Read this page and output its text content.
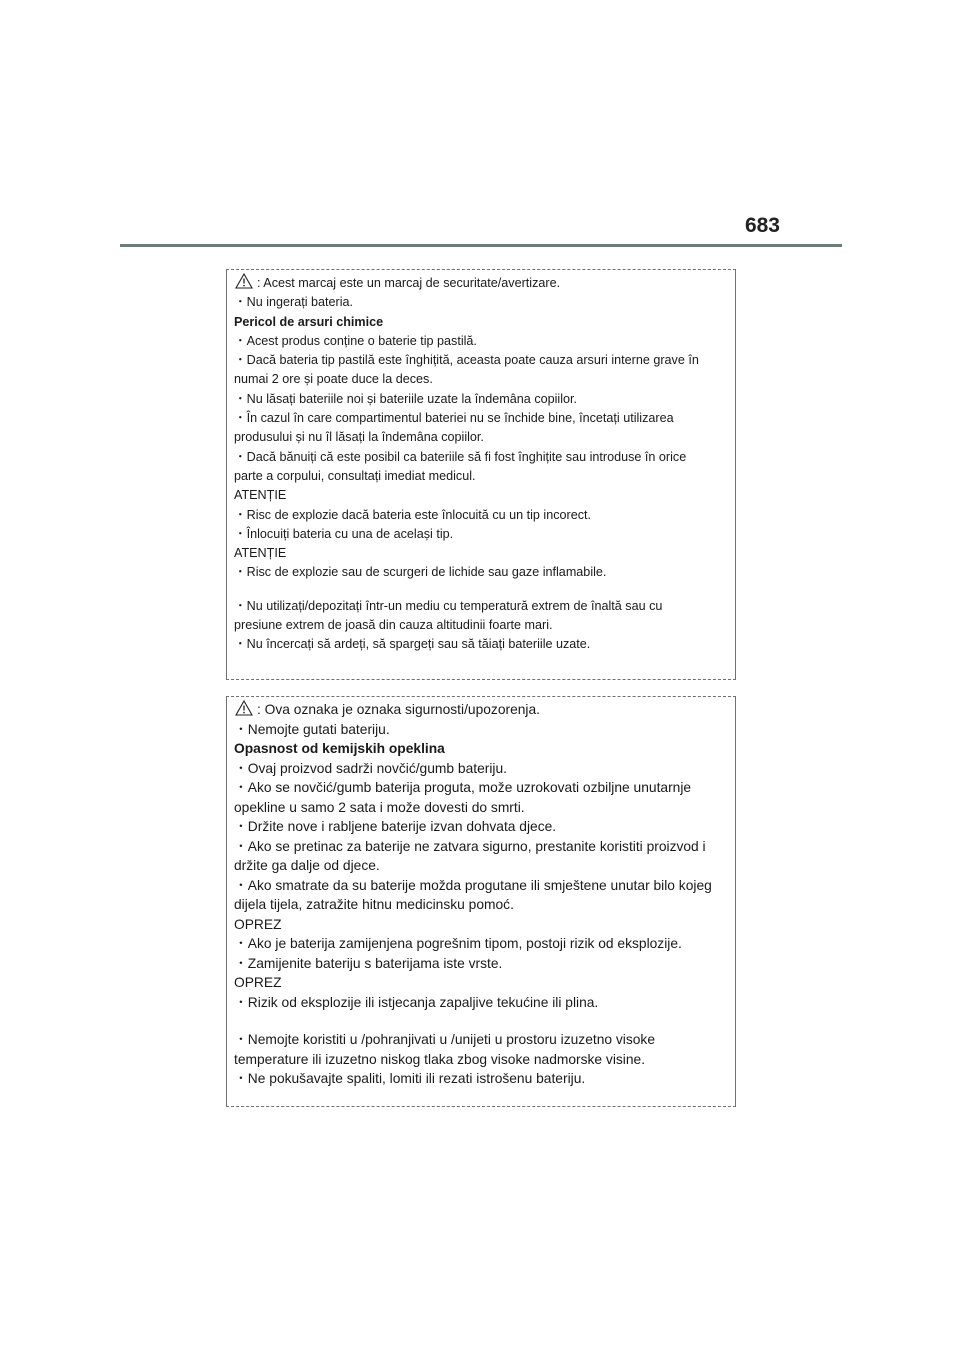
683

: Acest marcaj este un marcaj de securitate/avertizare.

・Nu ingerați bateria.

Pericol de arsuri chimice

・Acest produs conține o baterie tip pastilă.

・Dacă bateria tip pastilă este înghițită, aceasta poate cauza arsuri interne grave în

numai 2 ore și poate duce la deces.

・Nu lăsați bateriile noi și bateriile uzate la îndemâna copiilor.

・În cazul în care compartimentul bateriei nu se închide bine, încetați utilizarea

produsului și nu îl lăsați la îndemâna copiilor.

・Dacă bănuiți că este posibil ca bateriile să fi fost înghițite sau introduse în orice

parte a corpului, consultați imediat medicul.

ATENȚIE

・Risc de explozie dacă bateria este înlocuită cu un tip incorect.

・Înlocuiți bateria cu una de același tip.

ATENȚIE

・Risc de explozie sau de scurgeri de lichide sau gaze inflamabile.

・Nu utilizați/depozitați într-un mediu cu temperatură extrem de înaltă sau cu

presiune extrem de joasă din cauza altitudinii foarte mari.

・Nu încercați să ardeți, să spargeți sau să tăiați bateriile uzate.

: Ova oznaka je oznaka sigurnosti/upozorenja.

・Nemojte gutati bateriju.

Opasnost od kemijskih opeklina

・Ovaj proizvod sadrži novčić/gumb bateriju.

・Ako se novčić/gumb baterija proguta, može uzrokovati ozbiljne unutarnje

opekline u samo 2 sata i može dovesti do smrti.

・Držite nove i rabljene baterije izvan dohvata djece.

・Ako se pretinac za baterije ne zatvara sigurno, prestanite koristiti proizvod i

držite ga dalje od djece.

・Ako smatrate da su baterije možda progutane ili smještene unutar bilo kojeg

dijela tijela, zatražite hitnu medicinsku pomoć.

OPREZ

・Ako je baterija zamijenjena pogrešnim tipom, postoji rizik od eksplozije.

・Zamijenite bateriju s baterijama iste vrste.

OPREZ

・Rizik od eksplozije ili istjecanja zapaljive tekućine ili plina.

・Nemojte koristiti u /pohranjivati u /unijeti u prostoru izuzetno visoke

temperature ili izuzetno niskog tlaka zbog visoke nadmorske visine.

・Ne pokušavajte spaliti, lomiti ili rezati istrošenu bateriju.
